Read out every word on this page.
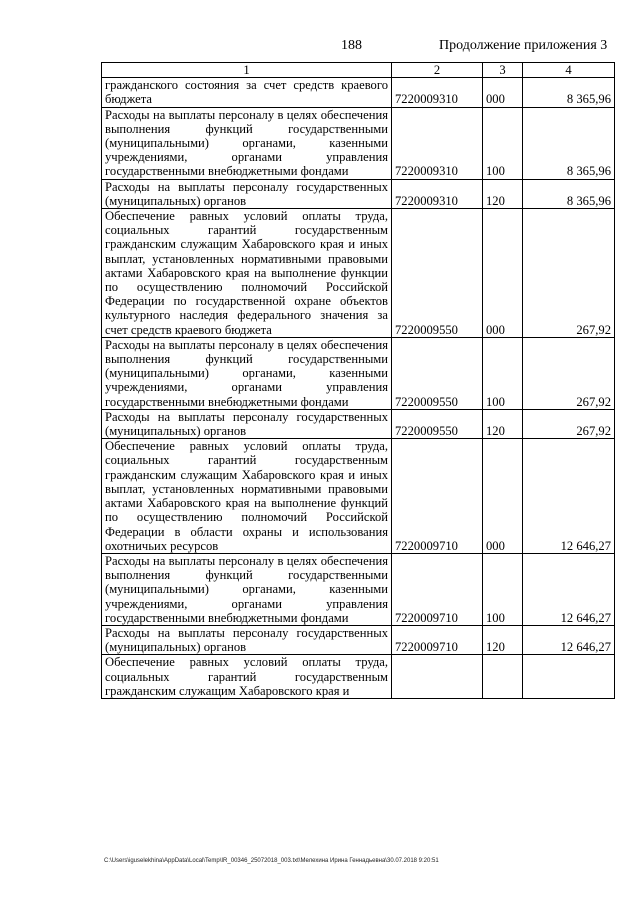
188	Продолжение приложения 3
1	2	3	4
гражданского состояния за счет средств краевого бюджета	7220009310	000	8 365,96
Расходы на выплаты персоналу в целях обеспечения выполнения функций государственными (муниципальными) органами, казенными учреждениями, органами управления государственными внебюджетными фондами	7220009310	100	8 365,96
Расходы на выплаты персоналу государственных (муниципальных) органов	7220009310	120	8 365,96
Обеспечение равных условий оплаты труда, социальных гарантий государственным гражданским служащим Хабаровского края и иных выплат, установленных нормативными правовыми актами Хабаровского края на выполнение функции по осуществлению полномочий Российской Федерации по государственной охране объектов культурного наследия федерального значения за счет средств краевого бюджета	7220009550	000	267,92
Расходы на выплаты персоналу в целях обеспечения выполнения функций государственными (муниципальными) органами, казенными учреждениями, органами управления государственными внебюджетными фондами	7220009550	100	267,92
Расходы на выплаты персоналу государственных (муниципальных) органов	7220009550	120	267,92
Обеспечение равных условий оплаты труда, социальных гарантий государственным гражданским служащим Хабаровского края и иных выплат, установленных нормативными правовыми актами Хабаровского края на выполнение функций по осуществлению полномочий Российской Федерации в области охраны и использования охотничьих ресурсов	7220009710	000	12 646,27
Расходы на выплаты персоналу в целях обеспечения выполнения функций государственными (муниципальными) органами, казенными учреждениями, органами управления государственными внебюджетными фондами	7220009710	100	12 646,27
Расходы на выплаты персоналу государственных (муниципальных) органов	7220009710	120	12 646,27
Обеспечение равных условий оплаты труда, социальных гарантий государственным гражданским служащим Хабаровского края и			
C:\Users\iguselekhina\AppData\Local\Temp\IR_00346_25072018_003.txt\Мелехина Ирина Геннадьевна\30.07.2018 9:20:51
